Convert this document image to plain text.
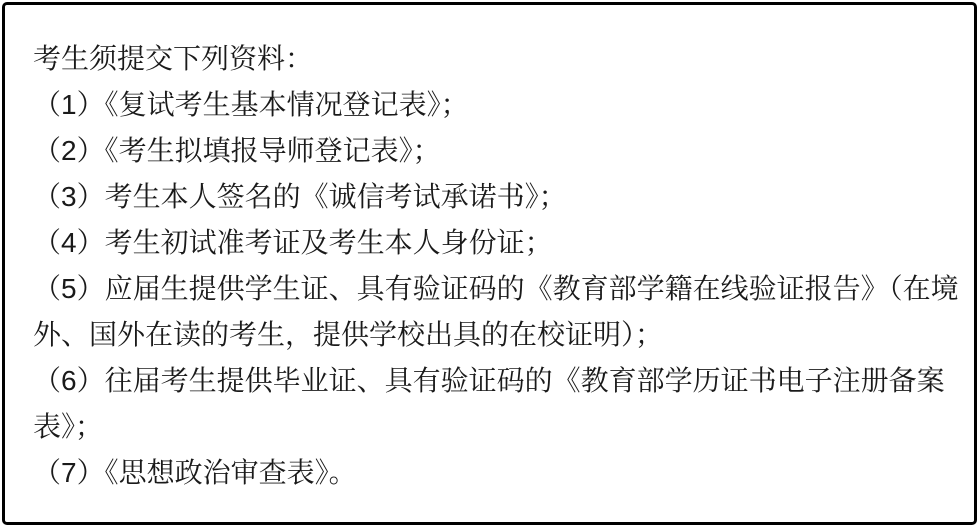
考生须提交下列资料：
（1）《复试考生基本情况登记表》；
（2）《考生拟填报导师登记表》；
（3）考生本人签名的《诚信考试承诺书》；
（4）考生初试准考证及考生本人身份证；
（5）应届生提供学生证、具有验证码的《教育部学籍在线验证报告》（在境
外、国外在读的考生，提供学校出具的在校证明）；
（6）往届考生提供毕业证、具有验证码的《教育部学历证书电子注册备案
表》；
（7）《思想政治审查表》。
